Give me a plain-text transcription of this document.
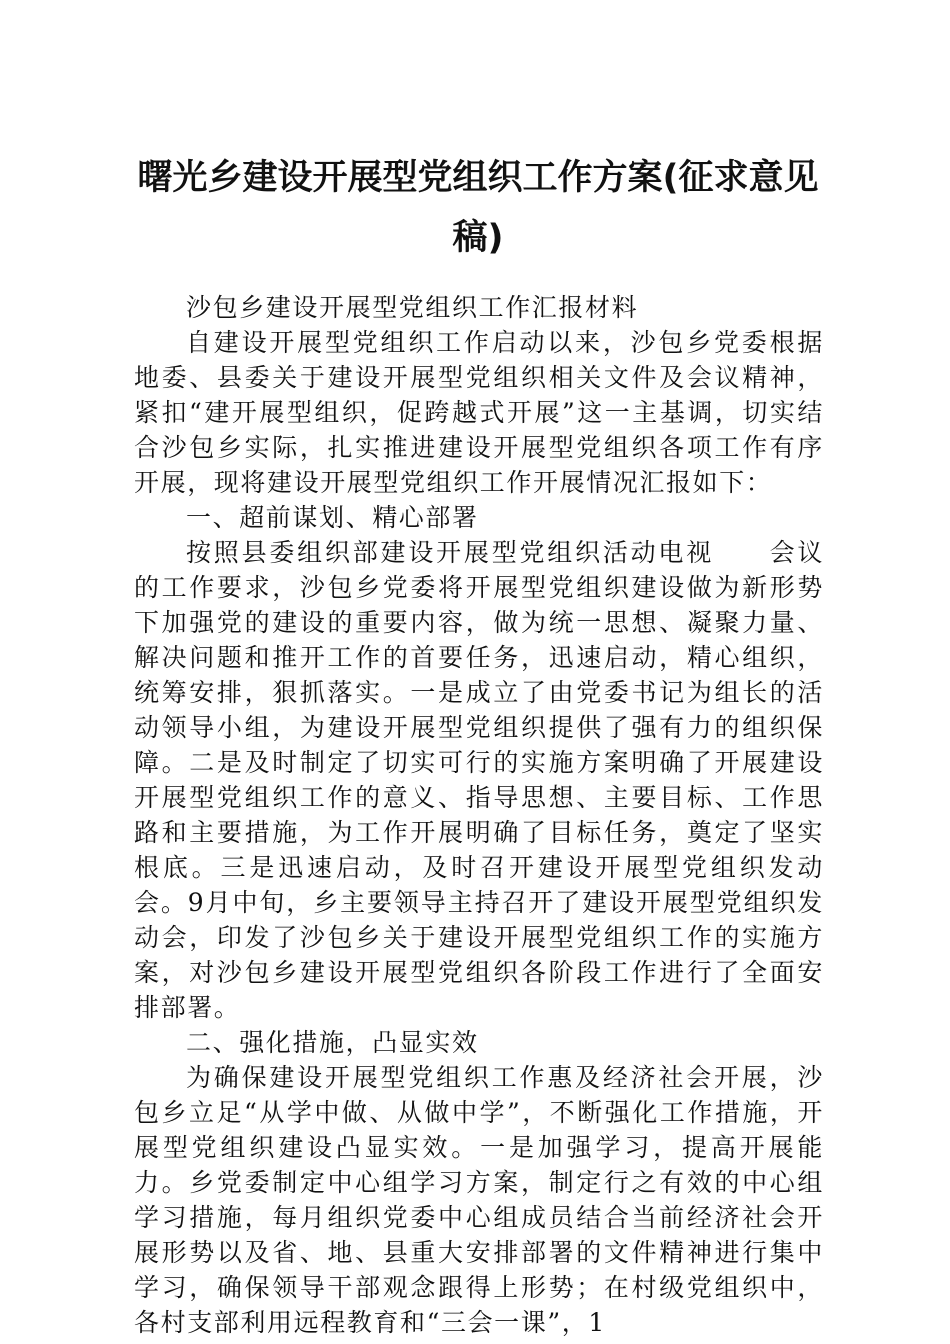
曙光乡建设开展型党组织工作方案(征求意见稿)

沙包乡建设开展型党组织工作汇报材料

自建设开展型党组织工作启动以来，沙包乡党委根据地委、县委关于建设开展型党组织相关文件及会议精神，紧扣“建开展型组织，促跨越式开展”这一主基调，切实结合沙包乡实际，扎实推进建设开展型党组织各项工作有序开展，现将建设开展型党组织工作开展情况汇报如下：

一、超前谋划、精心部署

按照县委组织部建设开展型党组织活动电视　　会议的工作要求，沙包乡党委将开展型党组织建设做为新形势下加强党的建设的重要内容，做为统一思想、凝聚力量、解决问题和推开工作的首要任务，迅速启动，精心组织，统筹安排，狠抓落实。一是成立了由党委书记为组长的活动领导小组，为建设开展型党组织提供了强有力的组织保障。二是及时制定了切实可行的实施方案明确了开展建设开展型党组织工作的意义、指导思想、主要目标、工作思路和主要措施，为工作开展明确了目标任务，奠定了坚实根底。三是迅速启动，及时召开建设开展型党组织发动会。9月中旬，乡主要领导主持召开了建设开展型党组织发动会，印发了沙包乡关于建设开展型党组织工作的实施方案，对沙包乡建设开展型党组织各阶段工作进行了全面安排部署。

二、强化措施，凸显实效

为确保建设开展型党组织工作惠及经济社会开展，沙包乡立足“从学中做、从做中学”，不断强化工作措施，开展型党组织建设凸显实效。一是加强学习，提高开展能力。乡党委制定中心组学习方案，制定行之有效的中心组学习措施，每月组织党委中心组成员结合当前经济社会开展形势以及省、地、县重大安排部署的文件精神进行集中学习，确保领导干部观念跟得上形势；在村级党组织中，各村支部利用远程教育和“三会一课”，1
